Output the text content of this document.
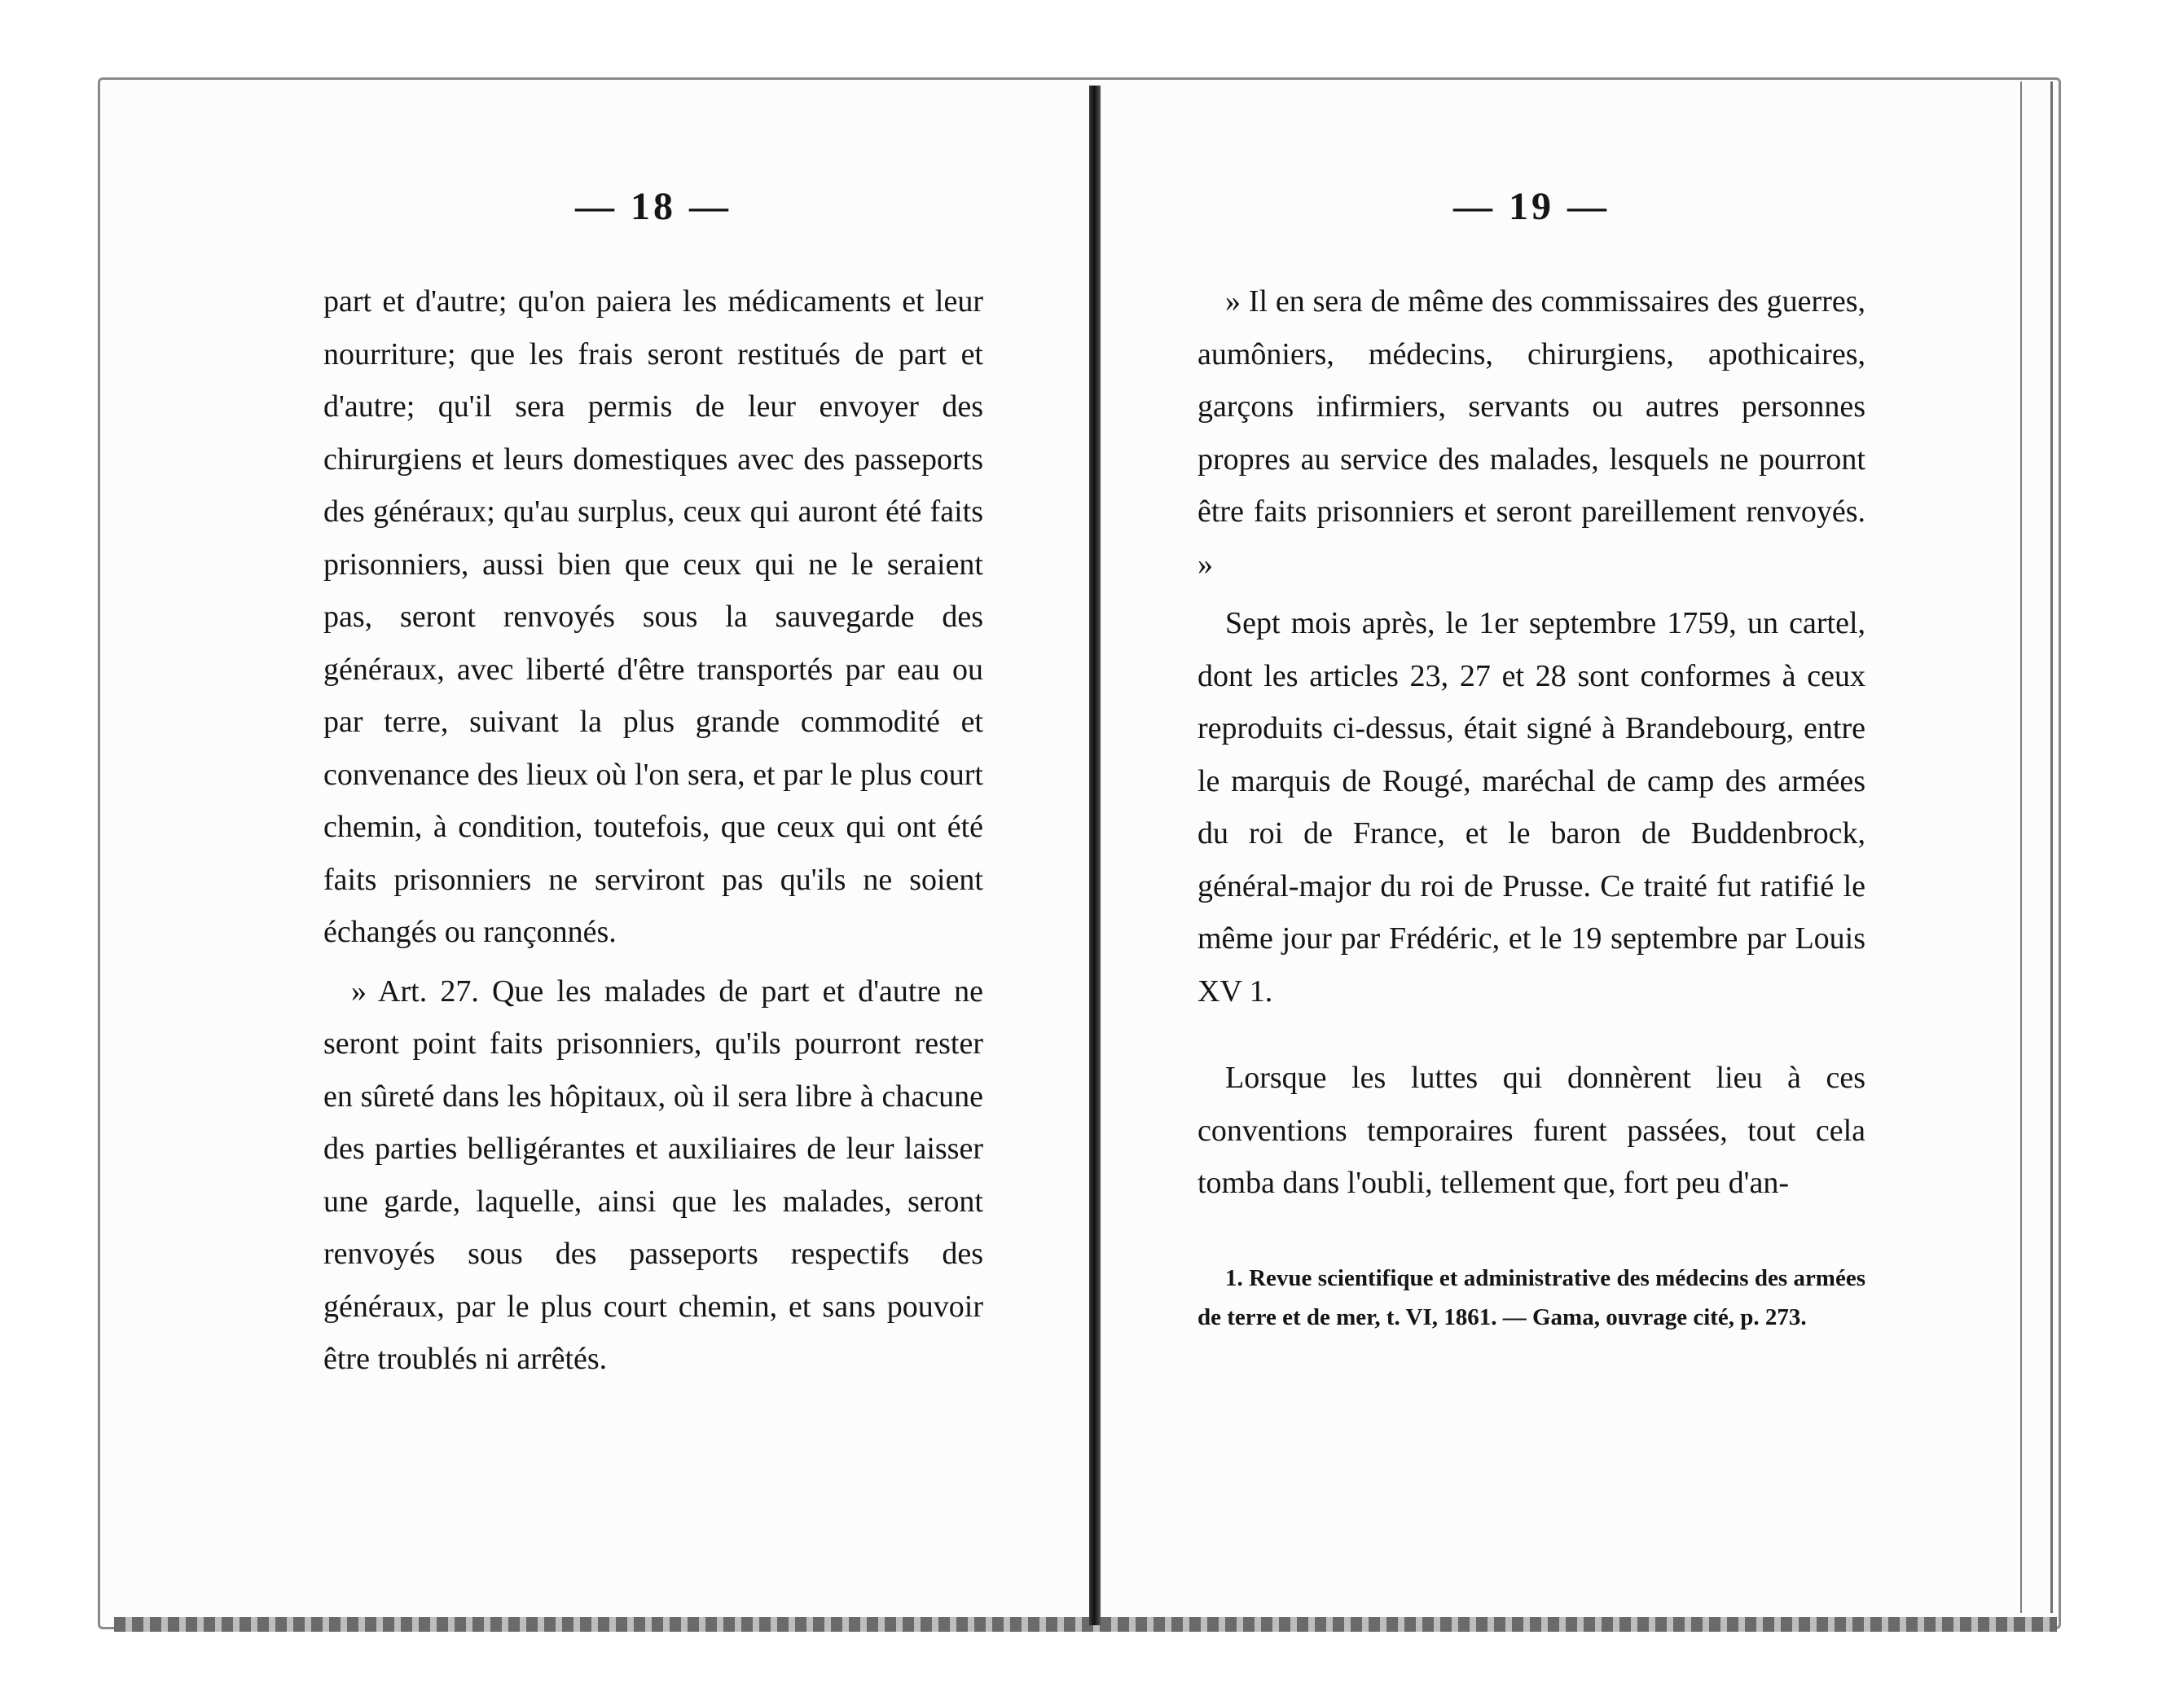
— 18 —

part et d'autre; qu'on paiera les médicaments et leur nourriture; que les frais seront restitués de part et d'autre; qu'il sera permis de leur envoyer des chirurgiens et leurs domestiques avec des passeports des généraux; qu'au surplus, ceux qui auront été faits prisonniers, aussi bien que ceux qui ne le seraient pas, seront renvoyés sous la sauvegarde des généraux, avec liberté d'être transportés par eau ou par terre, suivant la plus grande commodité et convenance des lieux où l'on sera, et par le plus court chemin, à condition, toutefois, que ceux qui ont été faits prisonniers ne serviront pas qu'ils ne soient échangés ou rançonnés.

» Art. 27. Que les malades de part et d'autre ne seront point faits prisonniers, qu'ils pourront rester en sûreté dans les hôpitaux, où il sera libre à chacune des parties belligérantes et auxiliaires de leur laisser une garde, laquelle, ainsi que les malades, seront renvoyés sous des passeports respectifs des généraux, par le plus court chemin, et sans pouvoir être troublés ni arrêtés.

— 19 —

» Il en sera de même des commissaires des guerres, aumôniers, médecins, chirurgiens, apothicaires, garçons infirmiers, servants ou autres personnes propres au service des malades, lesquels ne pourront être faits prisonniers et seront pareillement renvoyés. »

Sept mois après, le 1er septembre 1759, un cartel, dont les articles 23, 27 et 28 sont conformes à ceux reproduits ci-dessus, était signé à Brandebourg, entre le marquis de Rougé, maréchal de camp des armées du roi de France, et le baron de Buddenbrock, général-major du roi de Prusse. Ce traité fut ratifié le même jour par Frédéric, et le 19 septembre par Louis XV 1.

Lorsque les luttes qui donnèrent lieu à ces conventions temporaires furent passées, tout cela tomba dans l'oubli, tellement que, fort peu d'an-

1. Revue scientifique et administrative des médecins des armées de terre et de mer, t. VI, 1861. — Gama, ouvrage cité, p. 273.
